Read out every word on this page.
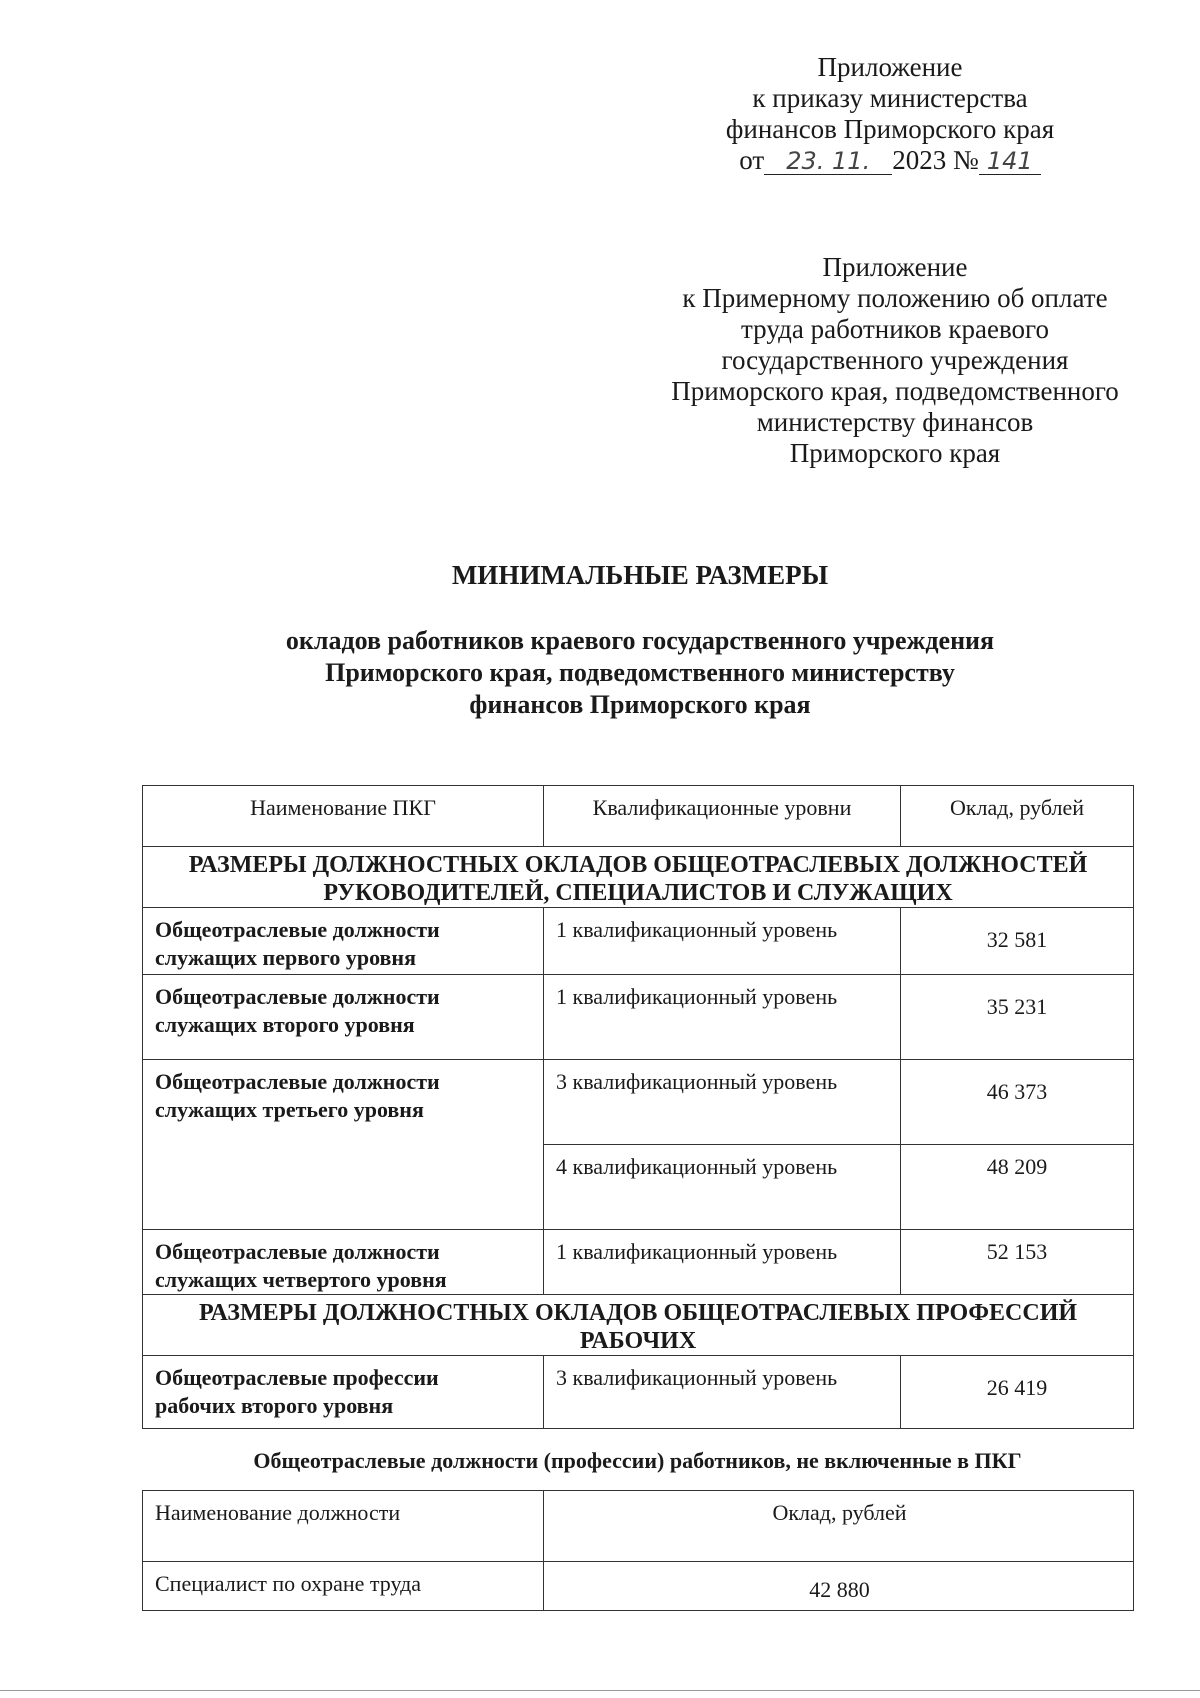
Приложение
к приказу министерства
финансов Приморского края
от 23. 11. 2023 № 141
Приложение
к Примерному положению об оплате
труда работников краевого
государственного учреждения
Приморского края, подведомственного
министерству финансов
Приморского края
МИНИМАЛЬНЫЕ РАЗМЕРЫ
окладов работников краевого государственного учреждения
Приморского края, подведомственного министерству
финансов Приморского края
Наименование ПКГ	Квалификационные уровни	Оклад, рублей

РАЗМЕРЫ ДОЛЖНОСТНЫХ ОКЛАДОВ ОБЩЕОТРАСЛЕВЫХ ДОЛЖНОСТЕЙ
РУКОВОДИТЕЛЕЙ, СПЕЦИАЛИСТОВ И СЛУЖАЩИХ		

Общеотраслевые должности
служащих первого уровня	1 квалификационный уровень	32 581

Общеотраслевые должности
служащих второго уровня	1 квалификационный уровень	35 231

Общеотраслевые должности
служащих третьего уровня	3 квалификационный уровень	46 373
	4 квалификационный уровень	48 209

Общеотраслевые должности
служащих четвертого уровня	1 квалификационный уровень	52 153

РАЗМЕРЫ ДОЛЖНОСТНЫХ ОКЛАДОВ ОБЩЕОТРАСЛЕВЫХ ПРОФЕССИЙ
РАБОЧИХ		

Общеотраслевые профессии
рабочих второго уровня	3 квалификационный уровень	26 419
Общеотраслевые должности (профессии) работников, не включенные в ПКГ
Наименование должности	Оклад, рублей
Специалист по охране труда	42 880
